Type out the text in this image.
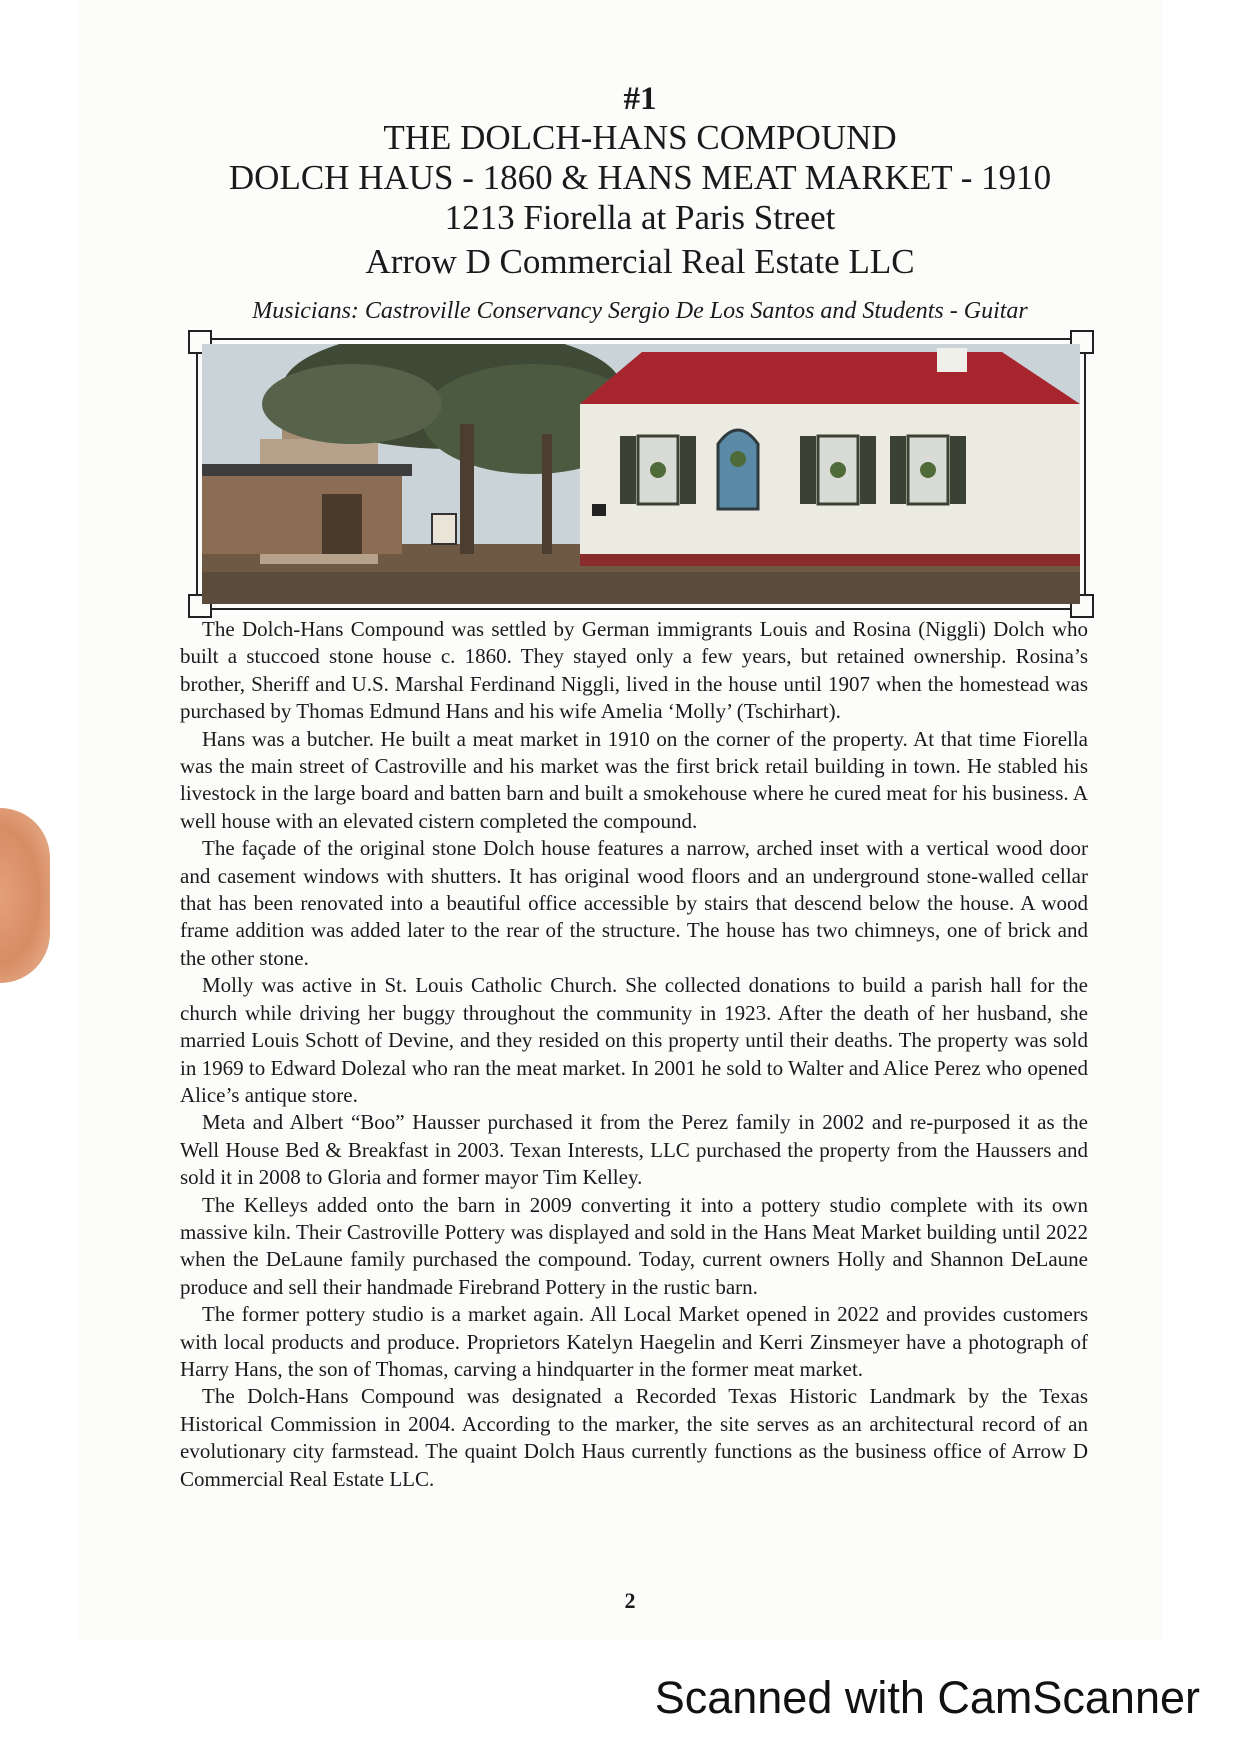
#1
THE DOLCH-HANS COMPOUND
DOLCH HAUS - 1860 & HANS MEAT MARKET - 1910
1213 Fiorella at Paris Street
Arrow D Commercial Real Estate LLC
Musicians: Castroville Conservancy Sergio De Los Santos and Students - Guitar

The Dolch-Hans Compound was settled by German immigrants Louis and Rosina (Niggli) Dolch who built a stuccoed stone house c. 1860. They stayed only a few years, but retained ownership. Rosina’s brother, Sheriff and U.S. Marshal Ferdinand Niggli, lived in the house until 1907 when the homestead was purchased by Thomas Edmund Hans and his wife Amelia ‘Molly’ (Tschirhart).

Hans was a butcher. He built a meat market in 1910 on the corner of the property. At that time Fiorella was the main street of Castroville and his market was the first brick retail building in town. He stabled his livestock in the large board and batten barn and built a smokehouse where he cured meat for his business. A well house with an elevated cistern completed the compound.

The façade of the original stone Dolch house features a narrow, arched inset with a vertical wood door and casement windows with shutters. It has original wood floors and an underground stone-walled cellar that has been renovated into a beautiful office accessible by stairs that descend below the house. A wood frame addition was added later to the rear of the structure. The house has two chimneys, one of brick and the other stone.

Molly was active in St. Louis Catholic Church. She collected donations to build a parish hall for the church while driving her buggy throughout the community in 1923. After the death of her husband, she married Louis Schott of Devine, and they resided on this property until their deaths. The property was sold in 1969 to Edward Dolezal who ran the meat market. In 2001 he sold to Walter and Alice Perez who opened Alice’s antique store.

Meta and Albert “Boo” Hausser purchased it from the Perez family in 2002 and re-purposed it as the Well House Bed & Breakfast in 2003. Texan Interests, LLC purchased the property from the Haussers and sold it in 2008 to Gloria and former mayor Tim Kelley.

The Kelleys added onto the barn in 2009 converting it into a pottery studio complete with its own massive kiln. Their Castroville Pottery was displayed and sold in the Hans Meat Market building until 2022 when the DeLaune family purchased the compound. Today, current owners Holly and Shannon DeLaune produce and sell their handmade Firebrand Pottery in the rustic barn.

The former pottery studio is a market again. All Local Market opened in 2022 and provides customers with local products and produce. Proprietors Katelyn Haegelin and Kerri Zinsmeyer have a photograph of Harry Hans, the son of Thomas, carving a hindquarter in the former meat market.

The Dolch-Hans Compound was designated a Recorded Texas Historic Landmark by the Texas Historical Commission in 2004. According to the marker, the site serves as an architectural record of an evolutionary city farmstead. The quaint Dolch Haus currently functions as the business office of Arrow D Commercial Real Estate LLC.

2
Scanned with CamScanner
